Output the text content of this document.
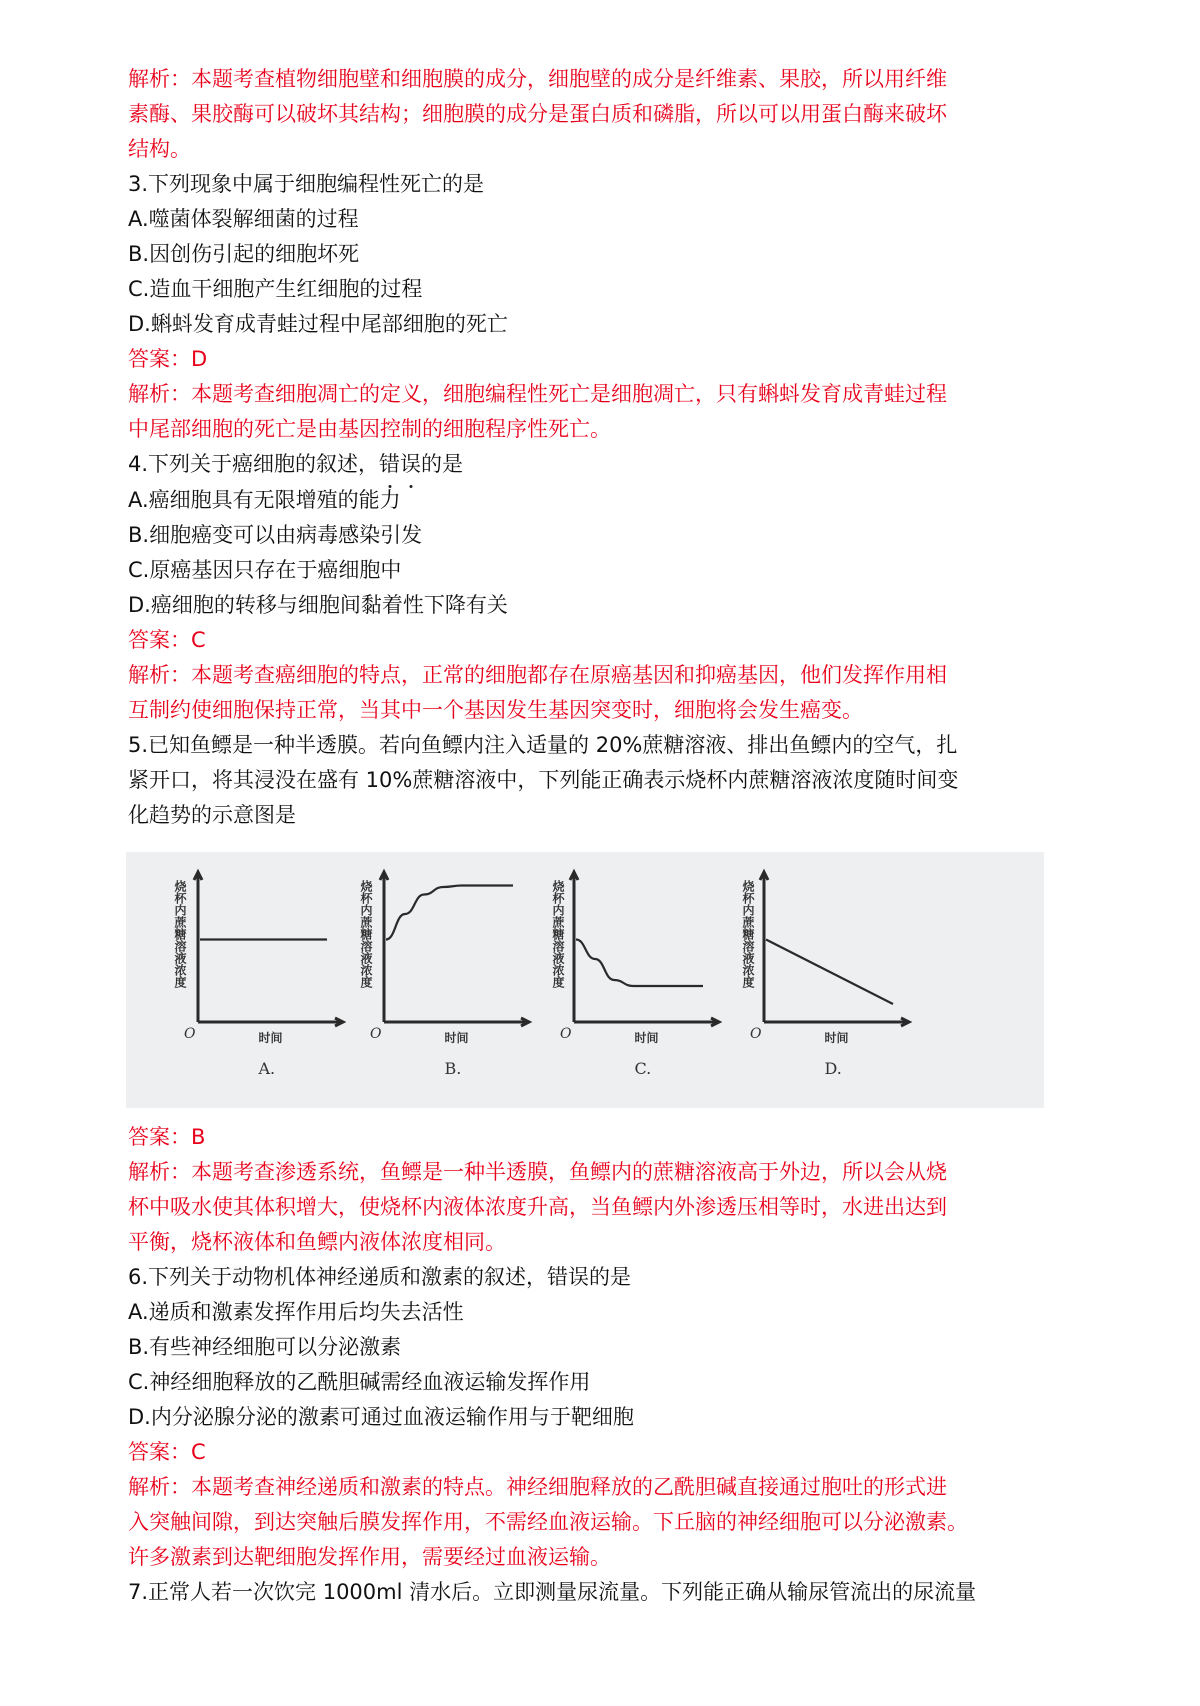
解析：本题考查植物细胞壁和细胞膜的成分，细胞壁的成分是纤维素、果胶，所以用纤维
素酶、果胶酶可以破坏其结构；细胞膜的成分是蛋白质和磷脂，所以可以用蛋白酶来破坏
结构。
3.下列现象中属于细胞编程性死亡的是
A.噬菌体裂解细菌的过程
B.因创伤引起的细胞坏死
C.造血干细胞产生红细胞的过程
D.蝌蚪发育成青蛙过程中尾部细胞的死亡
答案：D
解析：本题考查细胞凋亡的定义，细胞编程性死亡是细胞凋亡，只有蝌蚪发育成青蛙过程
中尾部细胞的死亡是由基因控制的细胞程序性死亡。
4.下列关于癌细胞的叙述，错
误
的是
A.癌细胞具有无限增殖的能力
B.细胞癌变可以由病毒感染引发
C.原癌基因只存在于癌细胞中
D.癌细胞的转移与细胞间黏着性下降有关
答案：C
解析：本题考查癌细胞的特点，正常的细胞都存在原癌基因和抑癌基因，他们发挥作用相
互制约使细胞保持正常，当其中一个基因发生基因突变时，细胞将会发生癌变。
5.已知鱼鳔是一种半透膜。若向鱼鳔内注入适量的 20%蔗糖溶液、排出鱼鳔内的空气，扎
紧开口，将其浸没在盛有 10%蔗糖溶液中，下列能正确表示烧杯内蔗糖溶液浓度随时间变
化趋势的示意图是
烧杯内蔗糖溶液浓度
O	时间
A.
烧杯内蔗糖溶液浓度
O	时间
B.
烧杯内蔗糖溶液浓度
O	时间
C.
烧杯内蔗糖溶液浓度
O	时间
D.
答案：B
解析：本题考查渗透系统，鱼鳔是一种半透膜，鱼鳔内的蔗糖溶液高于外边，所以会从烧
杯中吸水使其体积增大，使烧杯内液体浓度升高，当鱼鳔内外渗透压相等时，水进出达到
平衡，烧杯液体和鱼鳔内液体浓度相同。
6.下列关于动物机体神经递质和激素的叙述，错误的是
A.递质和激素发挥作用后均失去活性
B.有些神经细胞可以分泌激素
C.神经细胞释放的乙酰胆碱需经血液运输发挥作用
D.内分泌腺分泌的激素可通过血液运输作用与于靶细胞
答案：C
解析：本题考查神经递质和激素的特点。神经细胞释放的乙酰胆碱直接通过胞吐的形式进
入突触间隙，到达突触后膜发挥作用，不需经血液运输。下丘脑的神经细胞可以分泌激素。
许多激素到达靶细胞发挥作用，需要经过血液运输。
7.正常人若一次饮完 1000ml 清水后。立即测量尿流量。下列能正确从输尿管流出的尿流量
